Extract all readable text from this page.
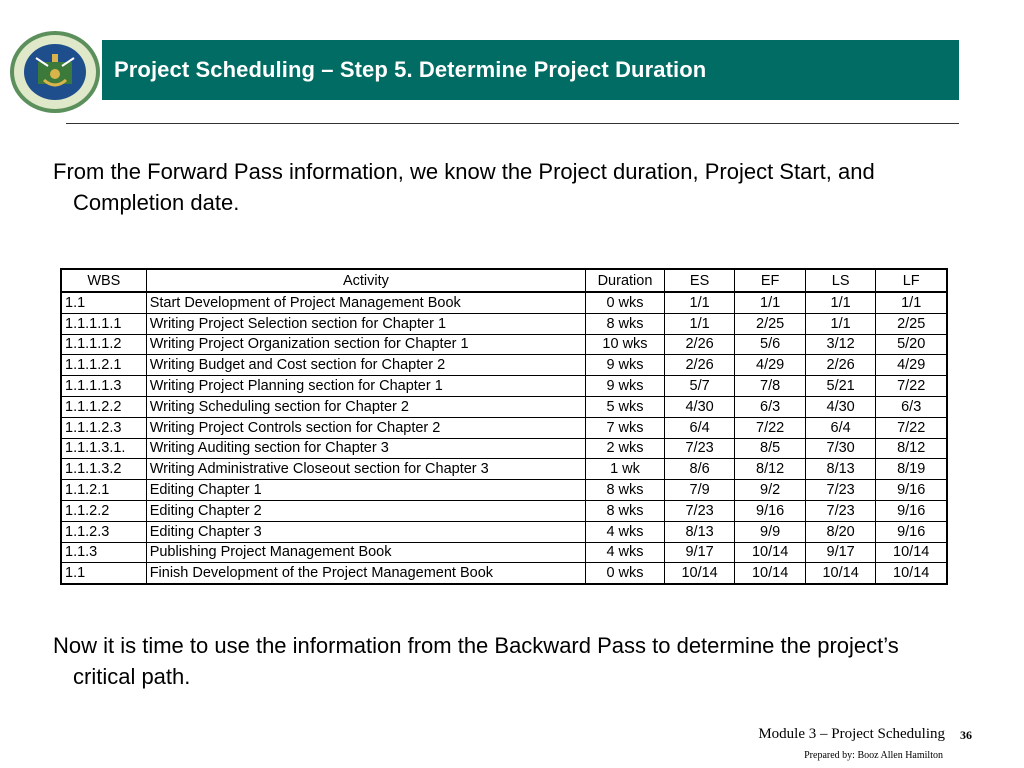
Project Scheduling – Step 5. Determine Project Duration
From the Forward Pass information, we know the Project duration, Project Start, and Completion date.
WBS	Activity	Duration	ES	EF	LS	LF
1.1	Start Development of Project Management Book	0 wks	1/1	1/1	1/1	1/1
1.1.1.1.1	Writing Project Selection section for Chapter 1	8 wks	1/1	2/25	1/1	2/25
1.1.1.1.2	Writing Project Organization section for Chapter 1	10 wks	2/26	5/6	3/12	5/20
1.1.1.2.1	Writing Budget and Cost section for Chapter 2	9 wks	2/26	4/29	2/26	4/29
1.1.1.1.3	Writing Project Planning section for Chapter 1	9 wks	5/7	7/8	5/21	7/22
1.1.1.2.2	Writing Scheduling section for Chapter 2	5 wks	4/30	6/3	4/30	6/3
1.1.1.2.3	Writing Project Controls section for Chapter 2	7 wks	6/4	7/22	6/4	7/22
1.1.1.3.1.	Writing Auditing section for Chapter 3	2 wks	7/23	8/5	7/30	8/12
1.1.1.3.2	Writing Administrative Closeout section for Chapter 3	1 wk	8/6	8/12	8/13	8/19
1.1.2.1	Editing Chapter 1	8 wks	7/9	9/2	7/23	9/16
1.1.2.2	Editing Chapter 2	8 wks	7/23	9/16	7/23	9/16
1.1.2.3	Editing Chapter 3	4 wks	8/13	9/9	8/20	9/16
1.1.3	Publishing Project Management Book	4 wks	9/17	10/14	9/17	10/14
1.1	Finish Development of the Project Management Book	0 wks	10/14	10/14	10/14	10/14
Now it is time to use the information from the Backward Pass to determine the project’s critical path.
Module 3 – Project Scheduling 36
Prepared by: Booz Allen Hamilton
